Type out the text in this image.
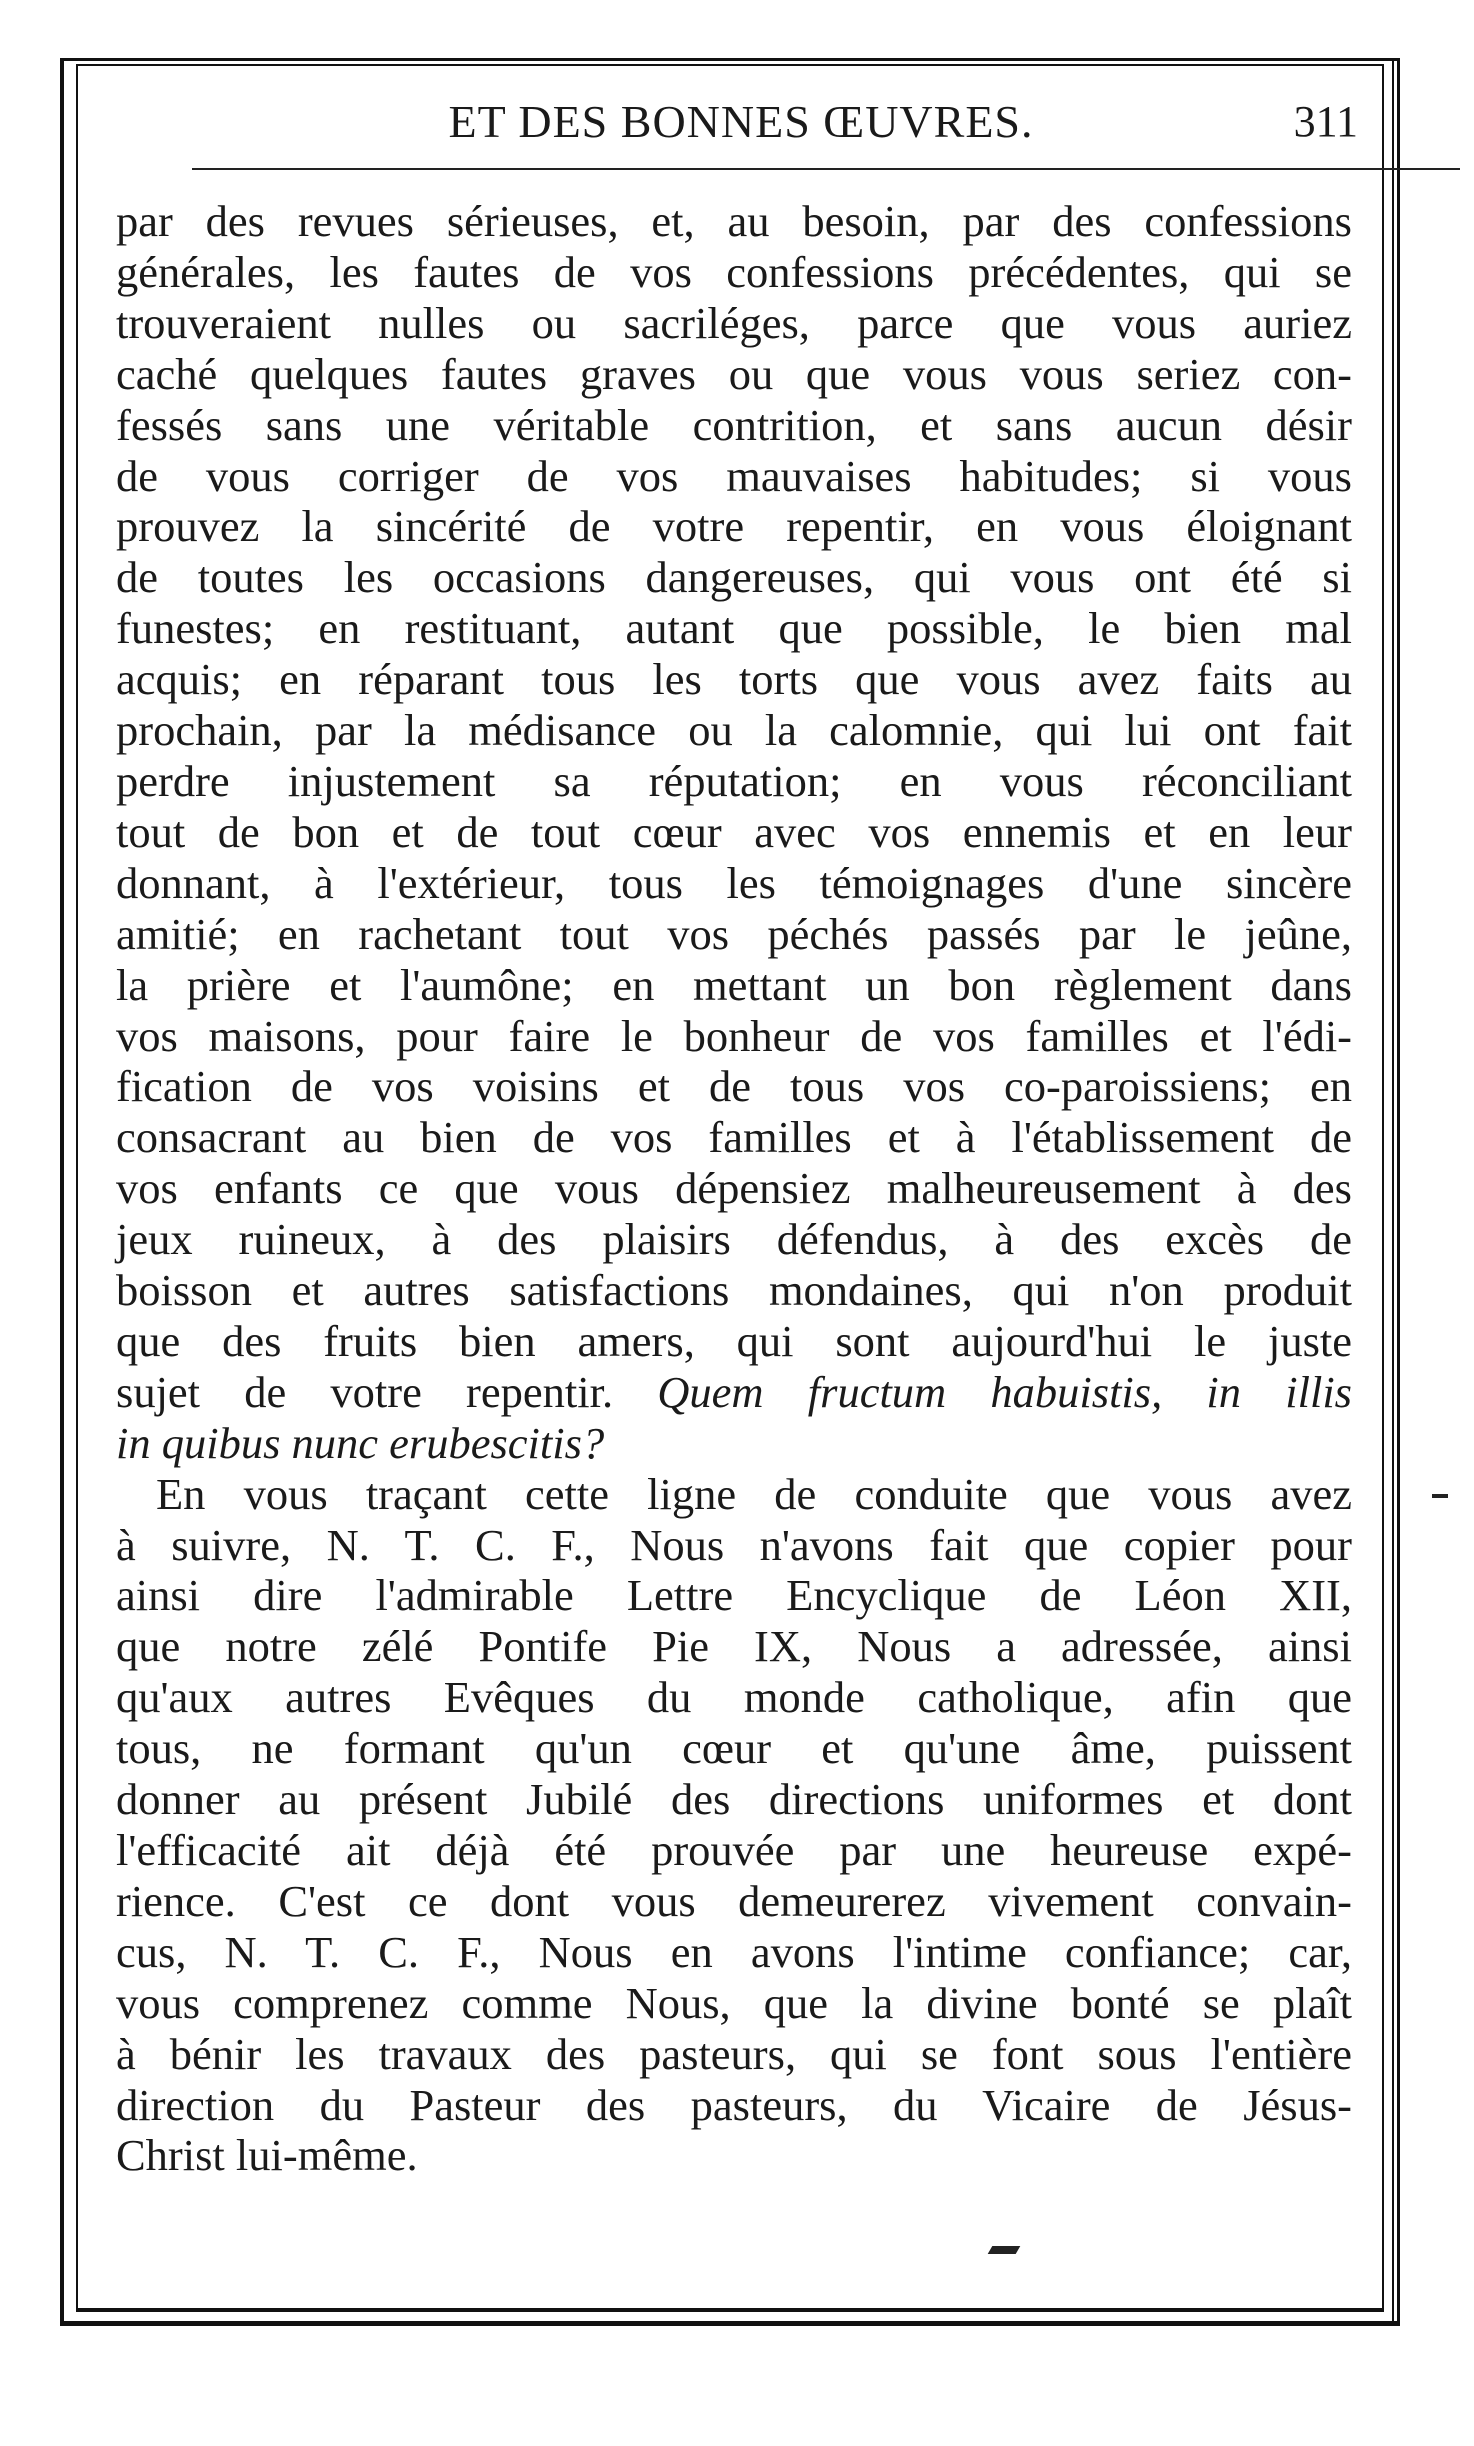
ET DES BONNES ŒUVRES.	311
par des revues sérieuses, et, au besoin, par des confessions
générales, les fautes de vos confessions précédentes, qui se
trouveraient nulles ou sacriléges, parce que vous auriez
caché quelques fautes graves ou que vous vous seriez con-
fessés sans une véritable contrition, et sans aucun désir
de vous corriger de vos mauvaises habitudes; si vous
prouvez la sincérité de votre repentir, en vous éloignant
de toutes les occasions dangereuses, qui vous ont été si
funestes; en restituant, autant que possible, le bien mal
acquis; en réparant tous les torts que vous avez faits au
prochain, par la médisance ou la calomnie, qui lui ont fait
perdre injustement sa réputation; en vous réconciliant
tout de bon et de tout cœur avec vos ennemis et en leur
donnant, à l'extérieur, tous les témoignages d'une sincère
amitié; en rachetant tout vos péchés passés par le jeûne,
la prière et l'aumône; en mettant un bon règlement dans
vos maisons, pour faire le bonheur de vos familles et l'édi-
fication de vos voisins et de tous vos co-paroissiens; en
consacrant au bien de vos familles et à l'établissement de
vos enfants ce que vous dépensiez malheureusement à des
jeux ruineux, à des plaisirs défendus, à des excès de
boisson et autres satisfactions mondaines, qui n'on produit
que des fruits bien amers, qui sont aujourd'hui le juste
sujet de votre repentir. Quem fructum habuistis, in illis
in quibus nunc erubescitis?
En vous traçant cette ligne de conduite que vous avez
à suivre, N. T. C. F., Nous n'avons fait que copier pour
ainsi dire l'admirable Lettre Encyclique de Léon XII,
que notre zélé Pontife Pie IX, Nous a adressée, ainsi
qu'aux autres Evêques du monde catholique, afin que
tous, ne formant qu'un cœur et qu'une âme, puissent
donner au présent Jubilé des directions uniformes et dont
l'efficacité ait déjà été prouvée par une heureuse expé-
rience. C'est ce dont vous demeurerez vivement convain-
cus, N. T. C. F., Nous en avons l'intime confiance; car,
vous comprenez comme Nous, que la divine bonté se plaît
à bénir les travaux des pasteurs, qui se font sous l'entière
direction du Pasteur des pasteurs, du Vicaire de Jésus-
Christ lui-même.
